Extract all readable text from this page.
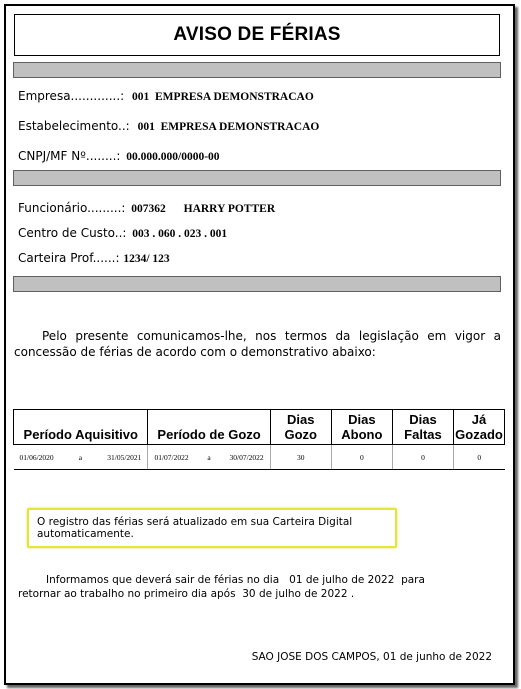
AVISO DE FÉRIAS
Empresa.............: 001  EMPRESA DEMONSTRACAO
Estabelecimento..: 001  EMPRESA DEMONSTRACAO
CNPJ/MF Nº........: 00.000.000/0000-00
Funcionário.........: 007362 HARRY POTTER
Centro de Custo..: 003 . 060 . 023 . 001
Carteira Prof......: 1234/ 123
Pelo presente comunicamos-lhe, nos termos da legislação em vigor a concessão de férias de acordo com o demonstrativo abaixo:
Período Aquisitivo	Período de Gozo	Dias Gozo	Dias Abono	Dias Faltas	Já Gozado

01/06/2020 a 31/05/2021	01/07/2022 a 30/07/2022	30	0	0	0
O registro das férias será atualizado em sua Carteira Digital automaticamente.
Informamos que deverá sair de férias no dia   01 de julho de 2022  para retornar ao trabalho no primeiro dia após  30 de julho de 2022 .
SAO JOSE DOS CAMPOS, 01 de junho de 2022
